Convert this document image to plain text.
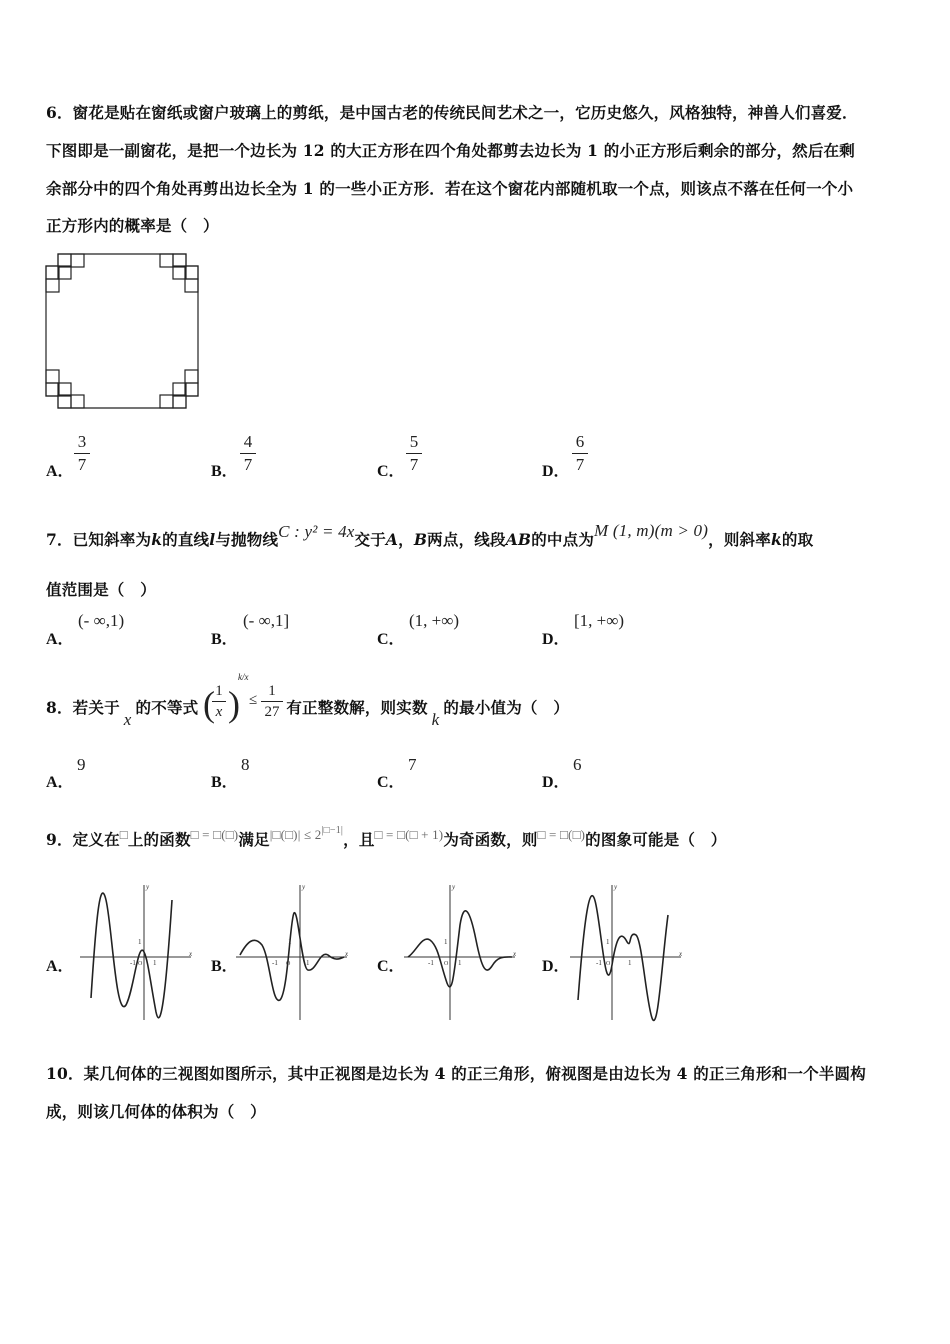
6．窗花是贴在窗纸或窗户玻璃上的剪纸，是中国古老的传统民间艺术之一，它历史悠久，风格独特，神兽人们喜爱．
下图即是一副窗花，是把一个边长为 12 的大正方形在四个角处都剪去边长为 1 的小正方形后剩余的部分，然后在剩
余部分中的四个角处再剪出边长全为 1 的一些小正方形．若在这个窗花内部随机取一个点，则该点不落在任何一个小
正方形内的概率是（　）
A．
3
7	B．
4
7	C．
5
7	D．
6
7
7．已知斜率为k的直线l与抛物线C : y² = 4x交于A，B两点，线段AB的中点为M (1, m)(m > 0)，则斜率k的取
值范围是（　）
A．
(- ∞,1)
B．
(- ∞,1]
C．
(1, +∞)
D．
[1, +∞)
8．若关于x的不等式	有正整数解，则实数k的最小值为（　）
( 1
x )
k/x
≤
1
27
A．
9
B．
8
C．
7
D．
6
9．定义在□上的函数□ = □(□)满足$^{|□(□)| \le 2|□-1|}$，且$^{□ = □(□ + 1)}$为奇函数，则□ = □(□)的图象可能是（　）
A．	B．	C．	D．
x
y
-1 O 1
1
x
y
-1 O 1
1
x
y
-1 O 1
1
x
y
-1 O	1
1
10．某几何体的三视图如图所示，其中正视图是边长为 4 的正三角形，俯视图是由边长为 4 的正三角形和一个半圆构
成，则该几何体的体积为（　）
